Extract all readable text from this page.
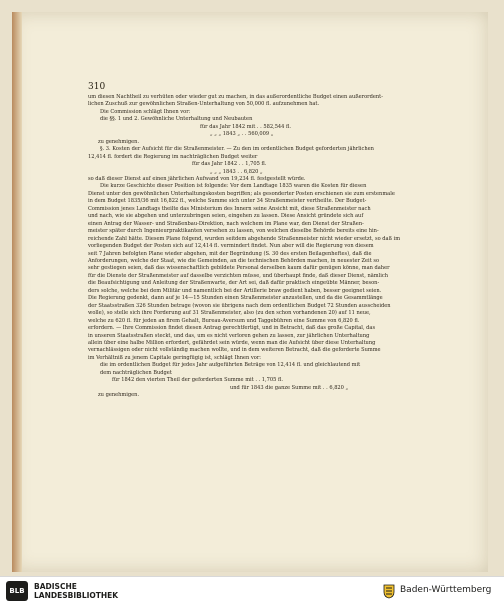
310

um diesen Nachtheil zu verhüten oder wieder gut zu machen, in das außerordentliche Budget einen außerordent-

lichen Zuschuß zur gewöhnlichen Straßen-Unterhaltung von 50,000 fl. aufzunehmen hat.

Die Commission schlägt Ihnen vor:

die §§. 1 und 2. Gewöhnliche Unterhaltung und Neubauten

für das Jahr 1842 mit . . 582,544 fl.

„ „ „ 1843 „ . . 560,009 „

zu genehmigen.

§. 3. Kosten der Aufsicht für die Straßenmeister. — Zu den im ordentlichen Budget geforderten jährlichen

12,414 fl. fordert die Regierung im nachträglichen Budget weiter

für das Jahr 1842 . . 1,705 fl.

„ „ „ 1843 . . 6,820 „

so daß dieser Dienst auf einen jährlichen Aufwand von 19,234 fl. festgestellt würde.

Die kurze Geschichte dieser Position ist folgende: Vor dem Landtage 1835 waren die Kosten für diesen

Dienst unter den gewöhnlichen Unterhaltungskosten begriffen; als gesonderter Posten erschienen sie zum erstenmale

in dem Budget 1835/36 mit 16,822 fl., welche Summe sich unter 34 Straßenmeister vertheilte. Der Budget-

Commission jenes Landtags theilte das Ministerium des Innern seine Ansicht mit, diese Straßenmeister nach

und nach, wie sie abgehen und unterzubringen seien, eingehen zu lassen. Diese Ansicht gründete sich auf

einen Antrag der Wasser- und Straßenbau-Direktion, nach welchem im Plane war, den Dienst der Straßen-

meister später durch Ingenieurpraktikanten versehen zu lassen, von welchen dieselbe Behörde bereits eine hin-

reichende Zahl hätte. Diesem Plane folgend, wurden seitdem abgehende Straßenmeister nicht wieder ersetzt, so daß im

vorliegenden Budget der Posten sich auf 12,414 fl. vermindert findet. Nun aber will die Regierung von diesem

seit 7 Jahren befolgten Plane wieder abgehen, mit der Begründung (S. 30 des ersten Beilagenheftes), daß die

Anforderungen, welche der Staat, wie die Gemeinden, an die technischen Behörden machen, in neuester Zeit so

sehr gestiegen seien, daß das wissenschaftlich gebildete Personal derselben kaum dafür genügen könne, man daher

für die Dienste der Straßenmeister auf dasselbe verzichten müsse, und überhaupt finde, daß dieser Dienst, nämlich

die Beaufsichtigung und Anleitung der Straßenwarte, der Art sei, daß dafür praktisch eingeübte Männer, beson-

ders solche, welche bei dem Militär und namentlich bei der Artillerie braw gedient haben, besser geeignet seien.

Die Regierung gedenkt, dann auf je 14—15 Stunden einen Straßenmeister anzustellen, und da die Gesammtlänge

der Staatsstraßen 326 Stunden betrage (wovon sie übrigens nach dem ordentlichen Budget 72 Stunden ausscheiden

wolle), so stelle sich ihre Forderung auf 31 Straßenmeister, also (zu den schon vorhandenen 20) auf 11 neue,

welche zu 620 fl. für jeden an firem Gehalt, Bureau-Aversum und Taggebühren eine Summe von 6,820 fl.

erfordern. — Ihre Commission findet diesen Antrag gerechtfertigt, und in Betracht, daß das große Capital, das

in unseren Staatsstraßen steckt, und das, um es nicht verloren gehen zu lassen, zur jährlichen Unterhaltung

allein über eine halbe Million erfordert, gefährdet sein würde, wenn man die Aufsicht über diese Unterhaltung

vernachlässigen oder nicht vollständig machen wollte, und in dem weiteren Betracht, daß die geforderte Summe

im Verhältniß zu jenem Capitale geringfügig ist, schlägt Ihnen vor:

die im ordentlichen Budget für jedes Jahr aufgeführten Beträge von 12,414 fl. und gleichlautend mit

dem nachträglichen Budget

für 1842 den vierten Theil der geforderten Summe mit . . 1,705 fl.

und für 1843 die ganze Summe mit . . 6,820 „

zu genehmigen.

BLB	BADISCHE
LANDESBIBLIOTHEK
Baden-Württemberg
